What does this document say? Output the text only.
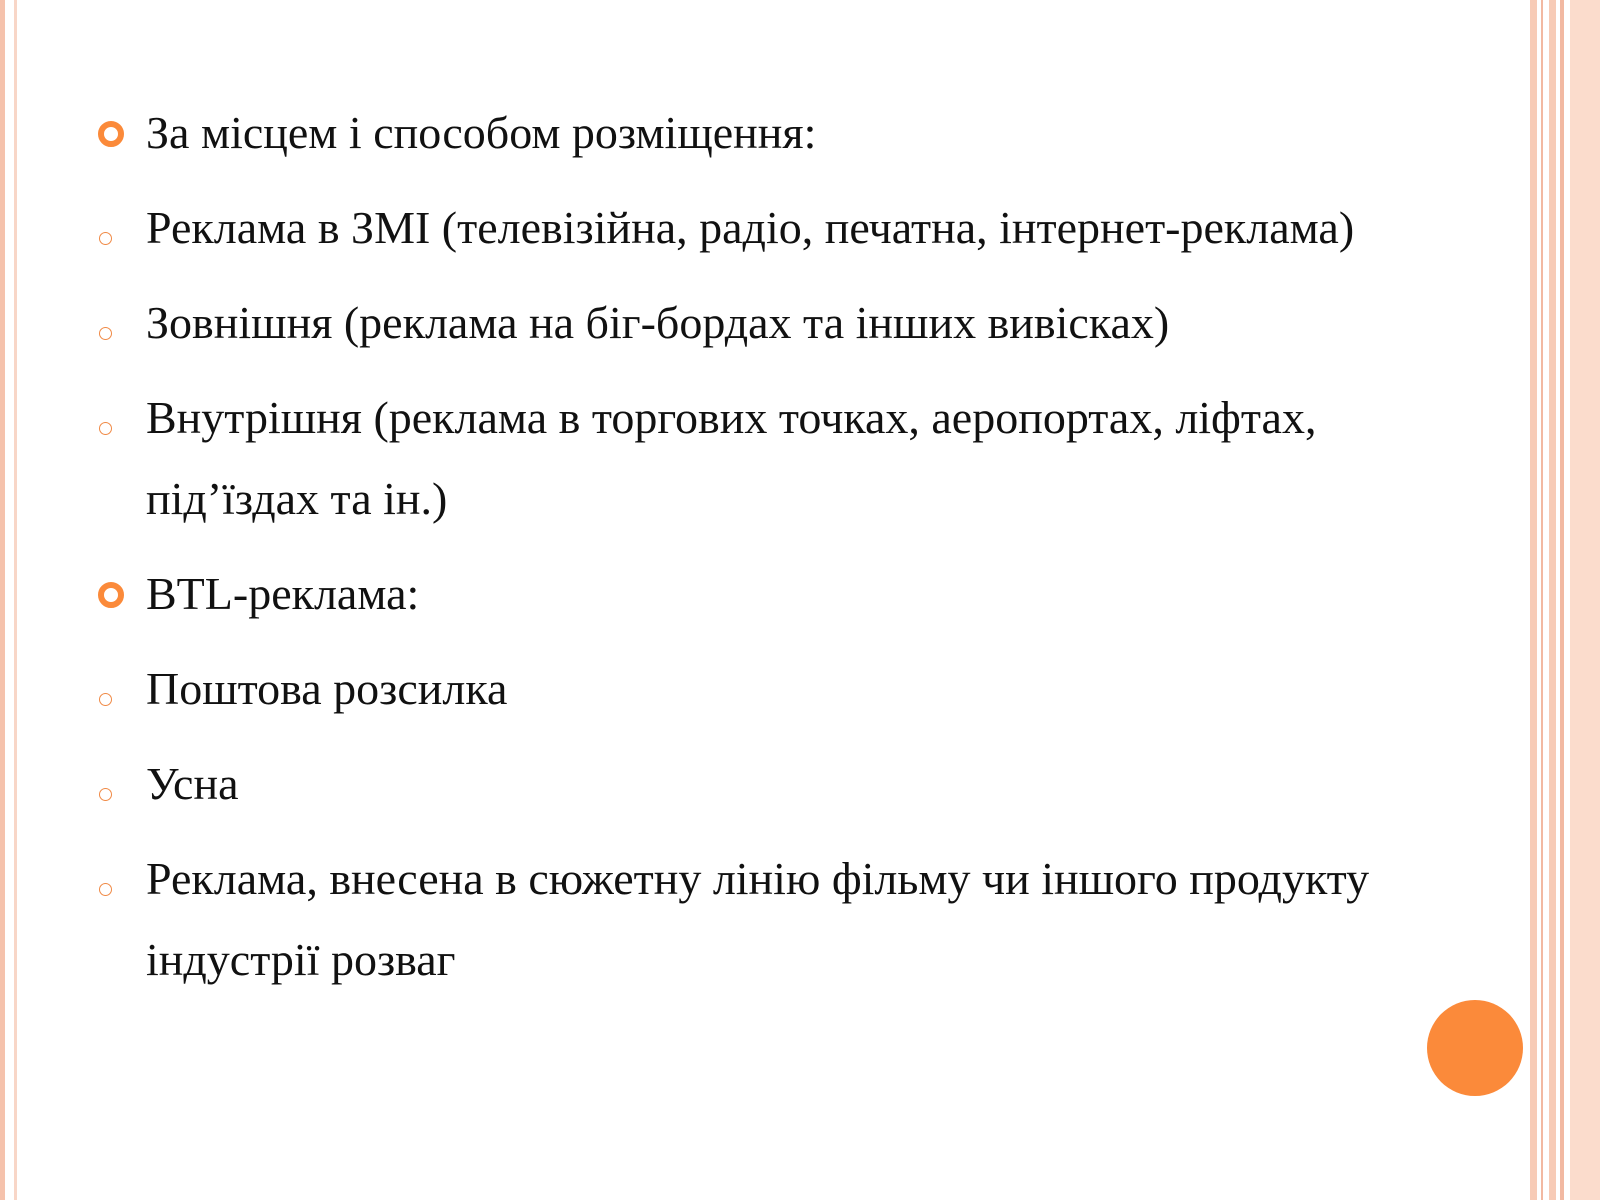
За місцем і способом розміщення:
Реклама в ЗМІ (телевізійна, радіо, печатна, інтернет-реклама)
Зовнішня (реклама на біг-бордах та інших вивісках)
Внутрішня (реклама в торгових точках, аеропортах, ліфтах, під’їздах та ін.)
BTL-реклама:
Поштова розсилка
Усна
Реклама, внесена в сюжетну лінію фільму чи іншого продукту індустрії розваг
